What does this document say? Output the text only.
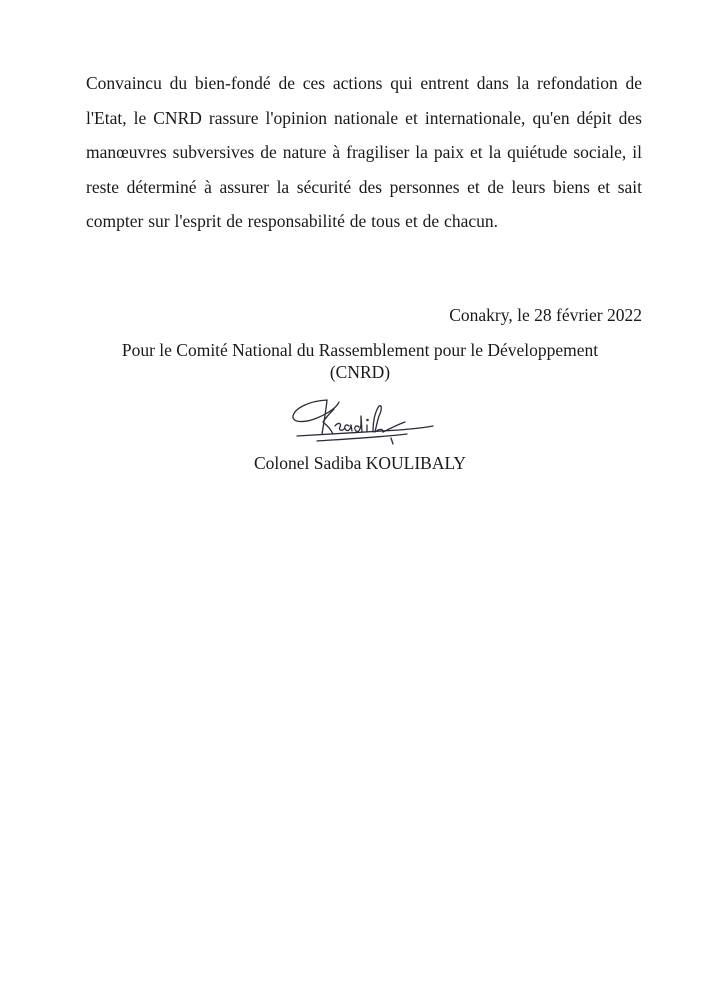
Convaincu du bien-fondé de ces actions qui entrent dans la refondation de l'Etat, le CNRD rassure l'opinion nationale et internationale, qu'en dépit des manœuvres subversives de nature à fragiliser la paix et la quiétude sociale, il reste déterminé à assurer la sécurité des personnes et de leurs biens et sait compter sur l'esprit de responsabilité de tous et de chacun.

Conakry, le 28 février 2022
Pour le Comité National du Rassemblement pour le Développement
(CNRD)
Colonel Sadiba KOULIBALY
